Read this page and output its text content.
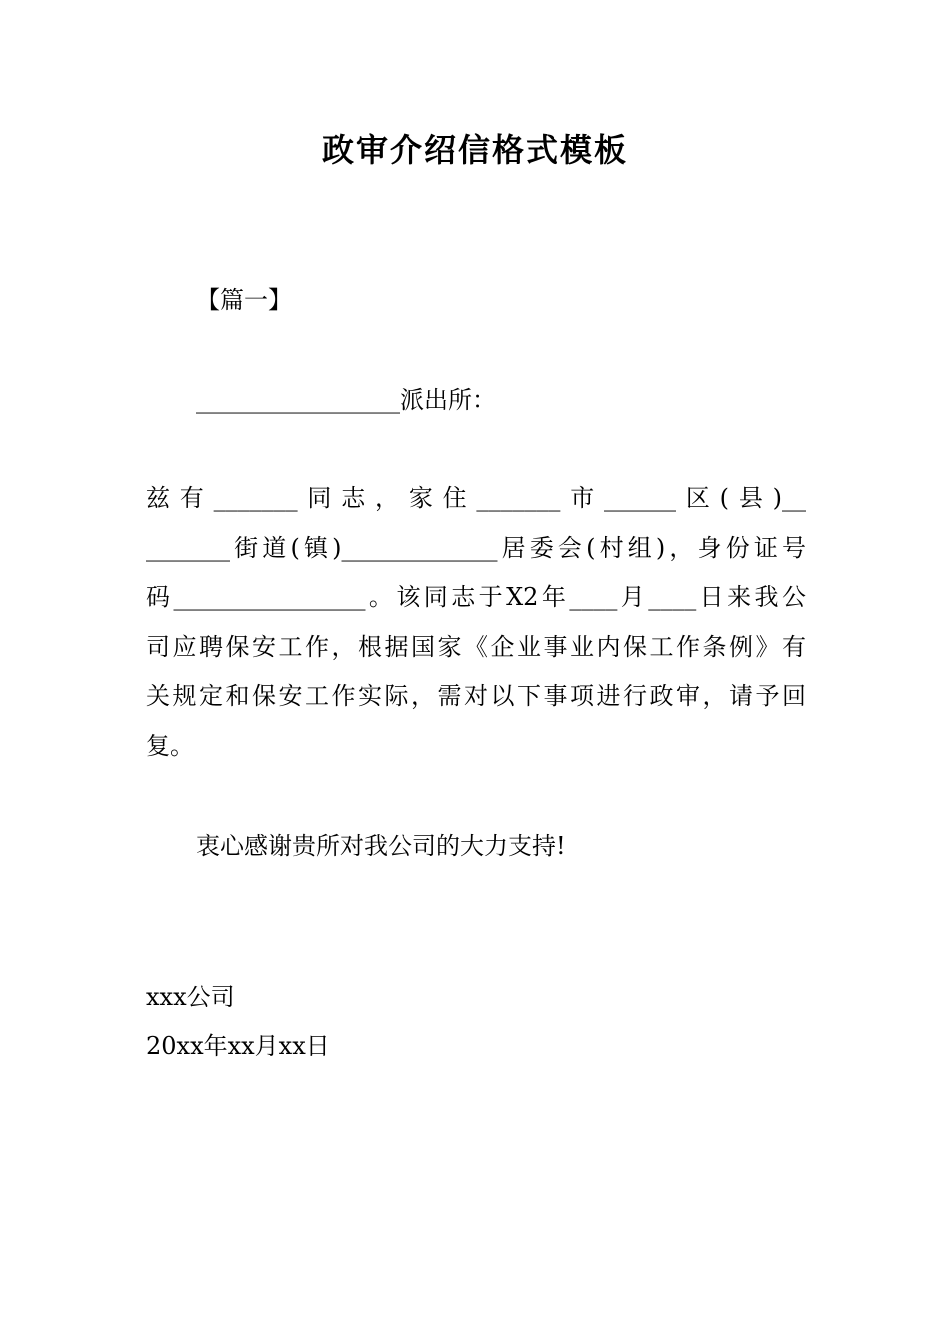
政审介绍信格式模板
【篇一】
_________________派出所：
兹有_______同志，家住_______市______区(县)__
_______街道(镇)_____________居委会(村组)，身份证号
码________________。该同志于X2年____月____日来我公
司应聘保安工作，根据国家《企业事业内保工作条例》有
关规定和保安工作实际，需对以下事项进行政审，请予回
复。
衷心感谢贵所对我公司的大力支持!
xxx公司
20xx年xx月xx日
